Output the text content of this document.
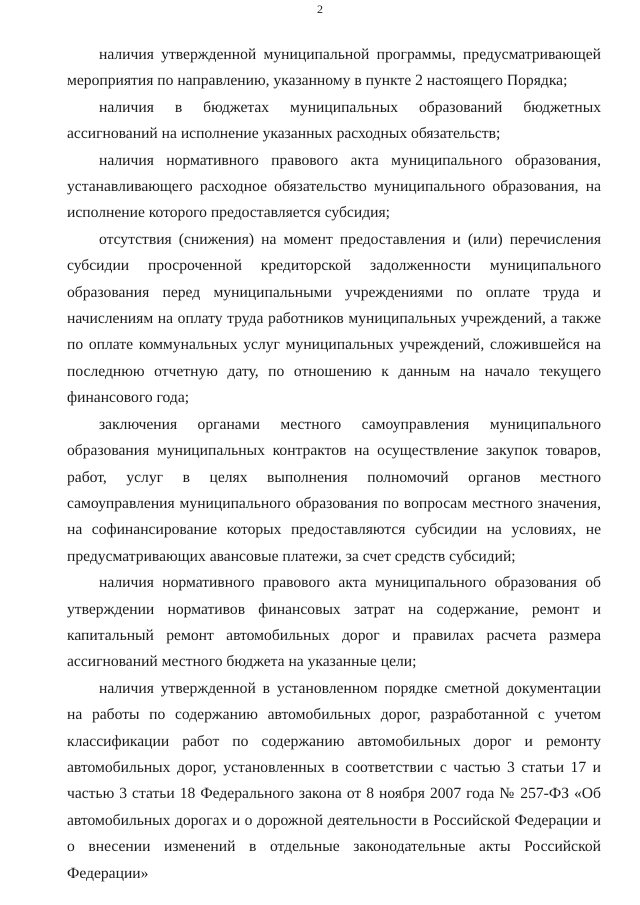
2

наличия утвержденной муниципальной программы, предусматривающей мероприятия по направлению, указанному в пункте 2 настоящего Порядка;

наличия в бюджетах муниципальных образований бюджетных ассигнований на исполнение указанных расходных обязательств;

наличия нормативного правового акта муниципального образования, устанавливающего расходное обязательство муниципального образования, на исполнение которого предоставляется субсидия;

отсутствия (снижения) на момент предоставления и (или) перечисления субсидии просроченной кредиторской задолженности муниципального образования перед муниципальными учреждениями по оплате труда и начислениям на оплату труда работников муниципальных учреждений, а также по оплате коммунальных услуг муниципальных учреждений, сложившейся на последнюю отчетную дату, по отношению к данным на начало текущего финансового года;

заключения органами местного самоуправления муниципального образования муниципальных контрактов на осуществление закупок товаров, работ, услуг в целях выполнения полномочий органов местного самоуправления муниципального образования по вопросам местного значения, на софинансирование которых предоставляются субсидии на условиях, не предусматривающих авансовые платежи, за счет средств субсидий;

наличия нормативного правового акта муниципального образования об утверждении нормативов финансовых затрат на содержание, ремонт и капитальный ремонт автомобильных дорог и правилах расчета размера ассигнований местного бюджета на указанные цели;

наличия утвержденной в установленном порядке сметной документации на работы по содержанию автомобильных дорог, разработанной с учетом классификации работ по содержанию автомобильных дорог и ремонту автомобильных дорог, установленных в соответствии с частью 3 статьи 17 и частью 3 статьи 18 Федерального закона от 8 ноября 2007 года № 257-ФЗ «Об автомобильных дорогах и о дорожной деятельности в Российской Федерации и о внесении изменений в отдельные законодательные акты Российской Федерации»
